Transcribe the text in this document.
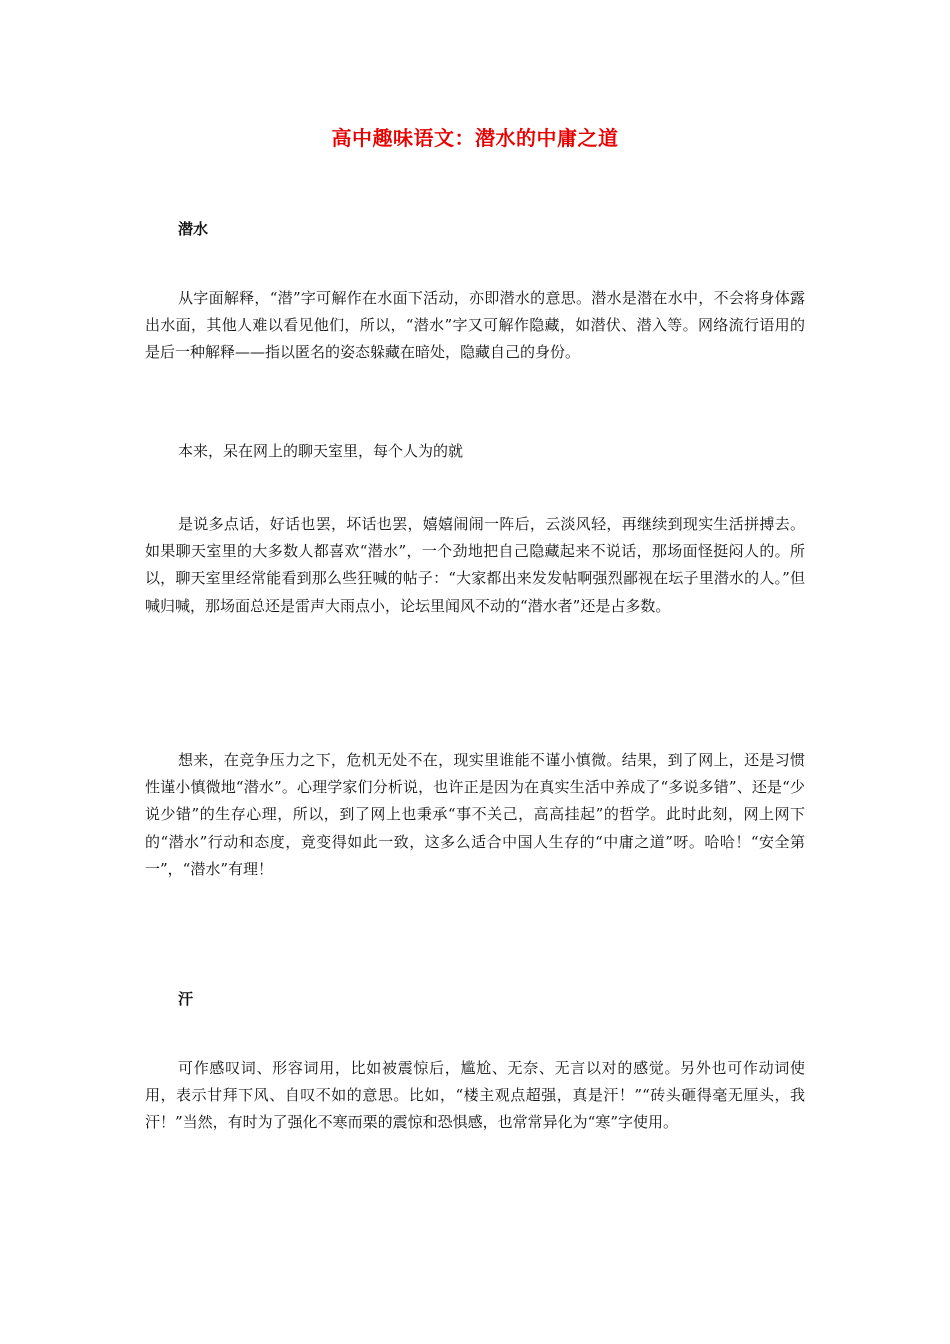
高中趣味语文：潜水的中庸之道
潜水

从字面解释，“潜”字可解作在水面下活动，亦即潜水的意思。潜水是潜在水中，不会将身体露出水面，其他人难以看见他们，所以，“潜水”字又可解作隐藏，如潜伏、潜入等。网络流行语用的是后一种解释——指以匿名的姿态躲藏在暗处，隐藏自己的身份。

本来，呆在网上的聊天室里，每个人为的就

是说多点话，好话也罢，坏话也罢，嬉嬉闹闹一阵后，云淡风轻，再继续到现实生活拼搏去。如果聊天室里的大多数人都喜欢“潜水”，一个劲地把自己隐藏起来不说话，那场面怪挺闷人的。所以，聊天室里经常能看到那么些狂喊的帖子：“大家都出来发发帖啊强烈鄙视在坛子里潜水的人。”但喊归喊，那场面总还是雷声大雨点小，论坛里闻风不动的“潜水者”还是占多数。

想来，在竞争压力之下，危机无处不在，现实里谁能不谨小慎微。结果，到了网上，还是习惯性谨小慎微地“潜水”。心理学家们分析说，也许正是因为在真实生活中养成了“多说多错”、还是“少说少错”的生存心理，所以，到了网上也秉承“事不关己，高高挂起”的哲学。此时此刻，网上网下的“潜水”行动和态度，竟变得如此一致，这多么适合中国人生存的“中庸之道”呀。哈哈！“安全第一”，“潜水”有理！

汗

可作感叹词、形容词用，比如被震惊后，尴尬、无奈、无言以对的感觉。另外也可作动词使用，表示甘拜下风、自叹不如的意思。比如，“楼主观点超强，真是汗！”“砖头砸得毫无厘头，我汗！”当然，有时为了强化不寒而栗的震惊和恐惧感，也常常异化为“寒”字使用。
